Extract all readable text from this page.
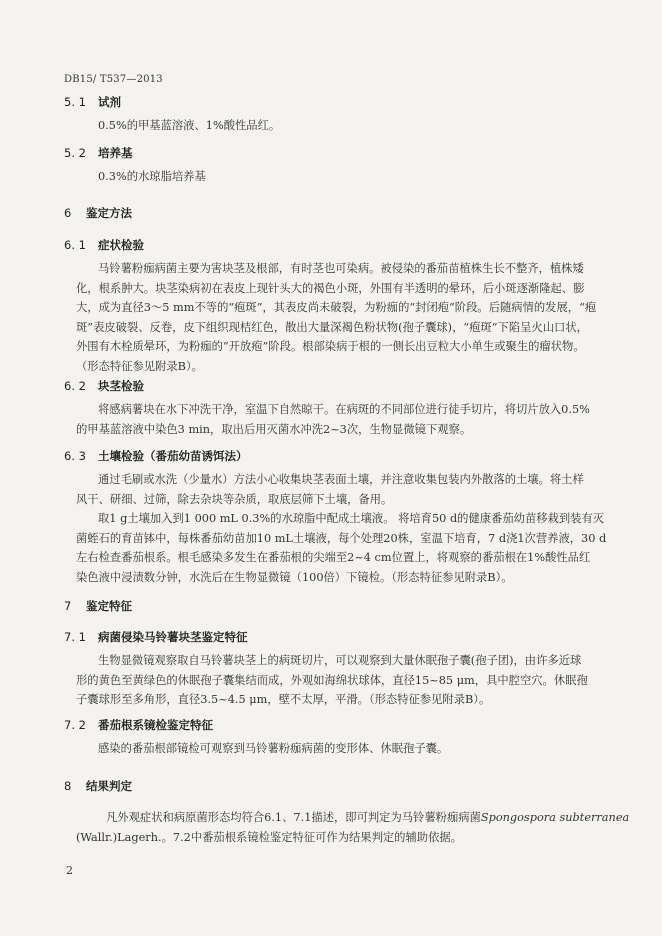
DB15/ T537—2013
5. 1 试剂
0.5%的甲基蓝溶液、1%酸性品红。
5. 2 培养基
0.3%的水琼脂培养基
6 鉴定方法
6. 1 症状检验
马铃薯粉痂病菌主要为害块茎及根部，有时茎也可染病。被侵染的番茄苗植株生长不整齐，植株矮
化，根系肿大。块茎染病初在表皮上现针头大的褐色小斑，外围有半透明的晕环，后小斑逐渐隆起、膨
大，成为直径3～5 mm不等的“疱斑”，其表皮尚未破裂，为粉痂的“封闭疱”阶段。后随病情的发展，“疱
斑”表皮破裂、反卷，皮下组织现桔红色，散出大量深褐色粉状物(孢子囊球)，“疱斑”下陷呈火山口状，
外围有木栓质晕环，为粉痂的“开放疱”阶段。根部染病于根的一侧长出豆粒大小单生或聚生的瘤状物。
（形态特征参见附录B）。
6. 2 块茎检验
将感病薯块在水下冲洗干净，室温下自然晾干。在病斑的不同部位进行徒手切片，将切片放入0.5%
的甲基蓝溶液中染色3 min，取出后用灭菌水冲洗2~3次，生物显微镜下观察。
6. 3 土壤检验（番茄幼苗诱饵法）
通过毛刷或水洗（少量水）方法小心收集块茎表面土壤，并注意收集包装内外散落的土壤。将土样
风干、研细、过筛，除去杂块等杂质，取底层筛下土壤，备用。
取1 g土壤加入到1 000 mL 0.3%的水琼脂中配成土壤液。 将培育50 d的健康番茄幼苗移栽到装有灭
菌蛭石的育苗钵中，每株番茄幼苗加10 mL土壤液，每个处理20株，室温下培育，7 d浇1次营养液，30 d
左右检查番茄根系。根毛感染多发生在番茄根的尖端至2~4 cm位置上，将观察的番茄根在1%酸性品红
染色液中浸渍数分钟，水洗后在生物显微镜（100倍）下镜检。（形态特征参见附录B）。
7 鉴定特征
7. 1 病菌侵染马铃薯块茎鉴定特征
生物显微镜观察取自马铃薯块茎上的病斑切片，可以观察到大量休眠孢子囊(孢子团)，由许多近球
形的黄色至黄绿色的休眠孢子囊集结而成，外观如海绵状球体，直径15~85 μm，具中腔空穴。休眠孢
子囊球形至多角形，直径3.5~4.5 μm，壁不太厚，平滑。（形态特征参见附录B）。
7. 2 番茄根系镜检鉴定特征
感染的番茄根部镜检可观察到马铃薯粉痂病菌的变形体、休眠孢子囊。
8 结果判定
凡外观症状和病原菌形态均符合6.1、7.1描述，即可判定为马铃薯粉痂病菌Spongospora subterranea
(Wallr.)Lagerh.。7.2中番茄根系镜检鉴定特征可作为结果判定的辅助依据。
2
